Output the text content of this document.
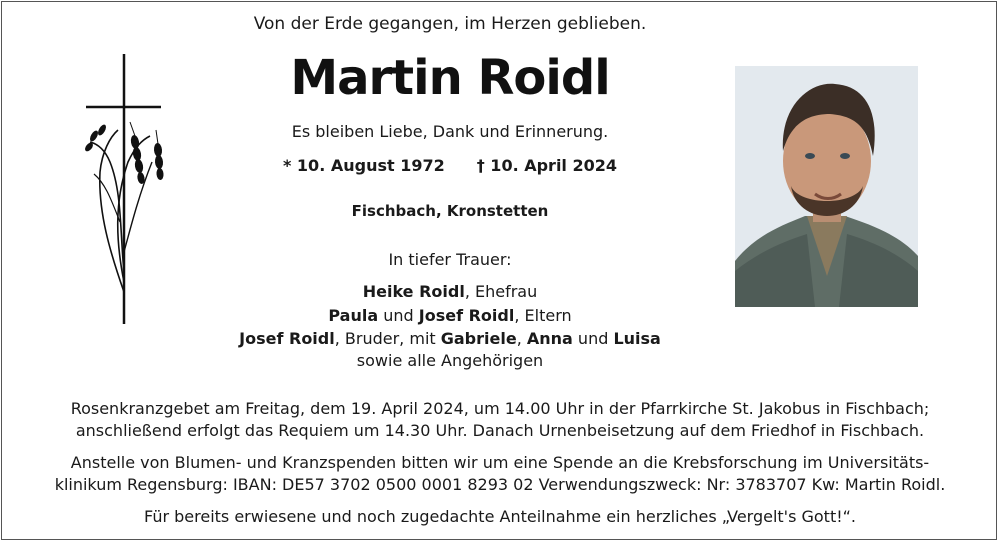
Von der Erde gegangen, im Herzen geblieben.
Martin Roidl
Es bleiben Liebe, Dank und Erinnerung.
* 10. August 1972 † 10. April 2024
Fischbach, Kronstetten
In tiefer Trauer:
Heike Roidl, Ehefrau
Paula und Josef Roidl, Eltern
Josef Roidl, Bruder, mit Gabriele, Anna und Luisa
sowie alle Angehörigen
Rosenkranzgebet am Freitag, dem 19. April 2024, um 14.00 Uhr in der Pfarrkirche St. Jakobus in Fischbach;
anschließend erfolgt das Requiem um 14.30 Uhr. Danach Urnenbeisetzung auf dem Friedhof in Fischbach.
Anstelle von Blumen- und Kranzspenden bitten wir um eine Spende an die Krebsforschung im Universitäts-
klinikum Regensburg: IBAN: DE57 3702 0500 0001 8293 02 Verwendungszweck: Nr: 3783707 Kw: Martin Roidl.
Für bereits erwiesene und noch zugedachte Anteilnahme ein herzliches „Vergelt's Gott!“.
